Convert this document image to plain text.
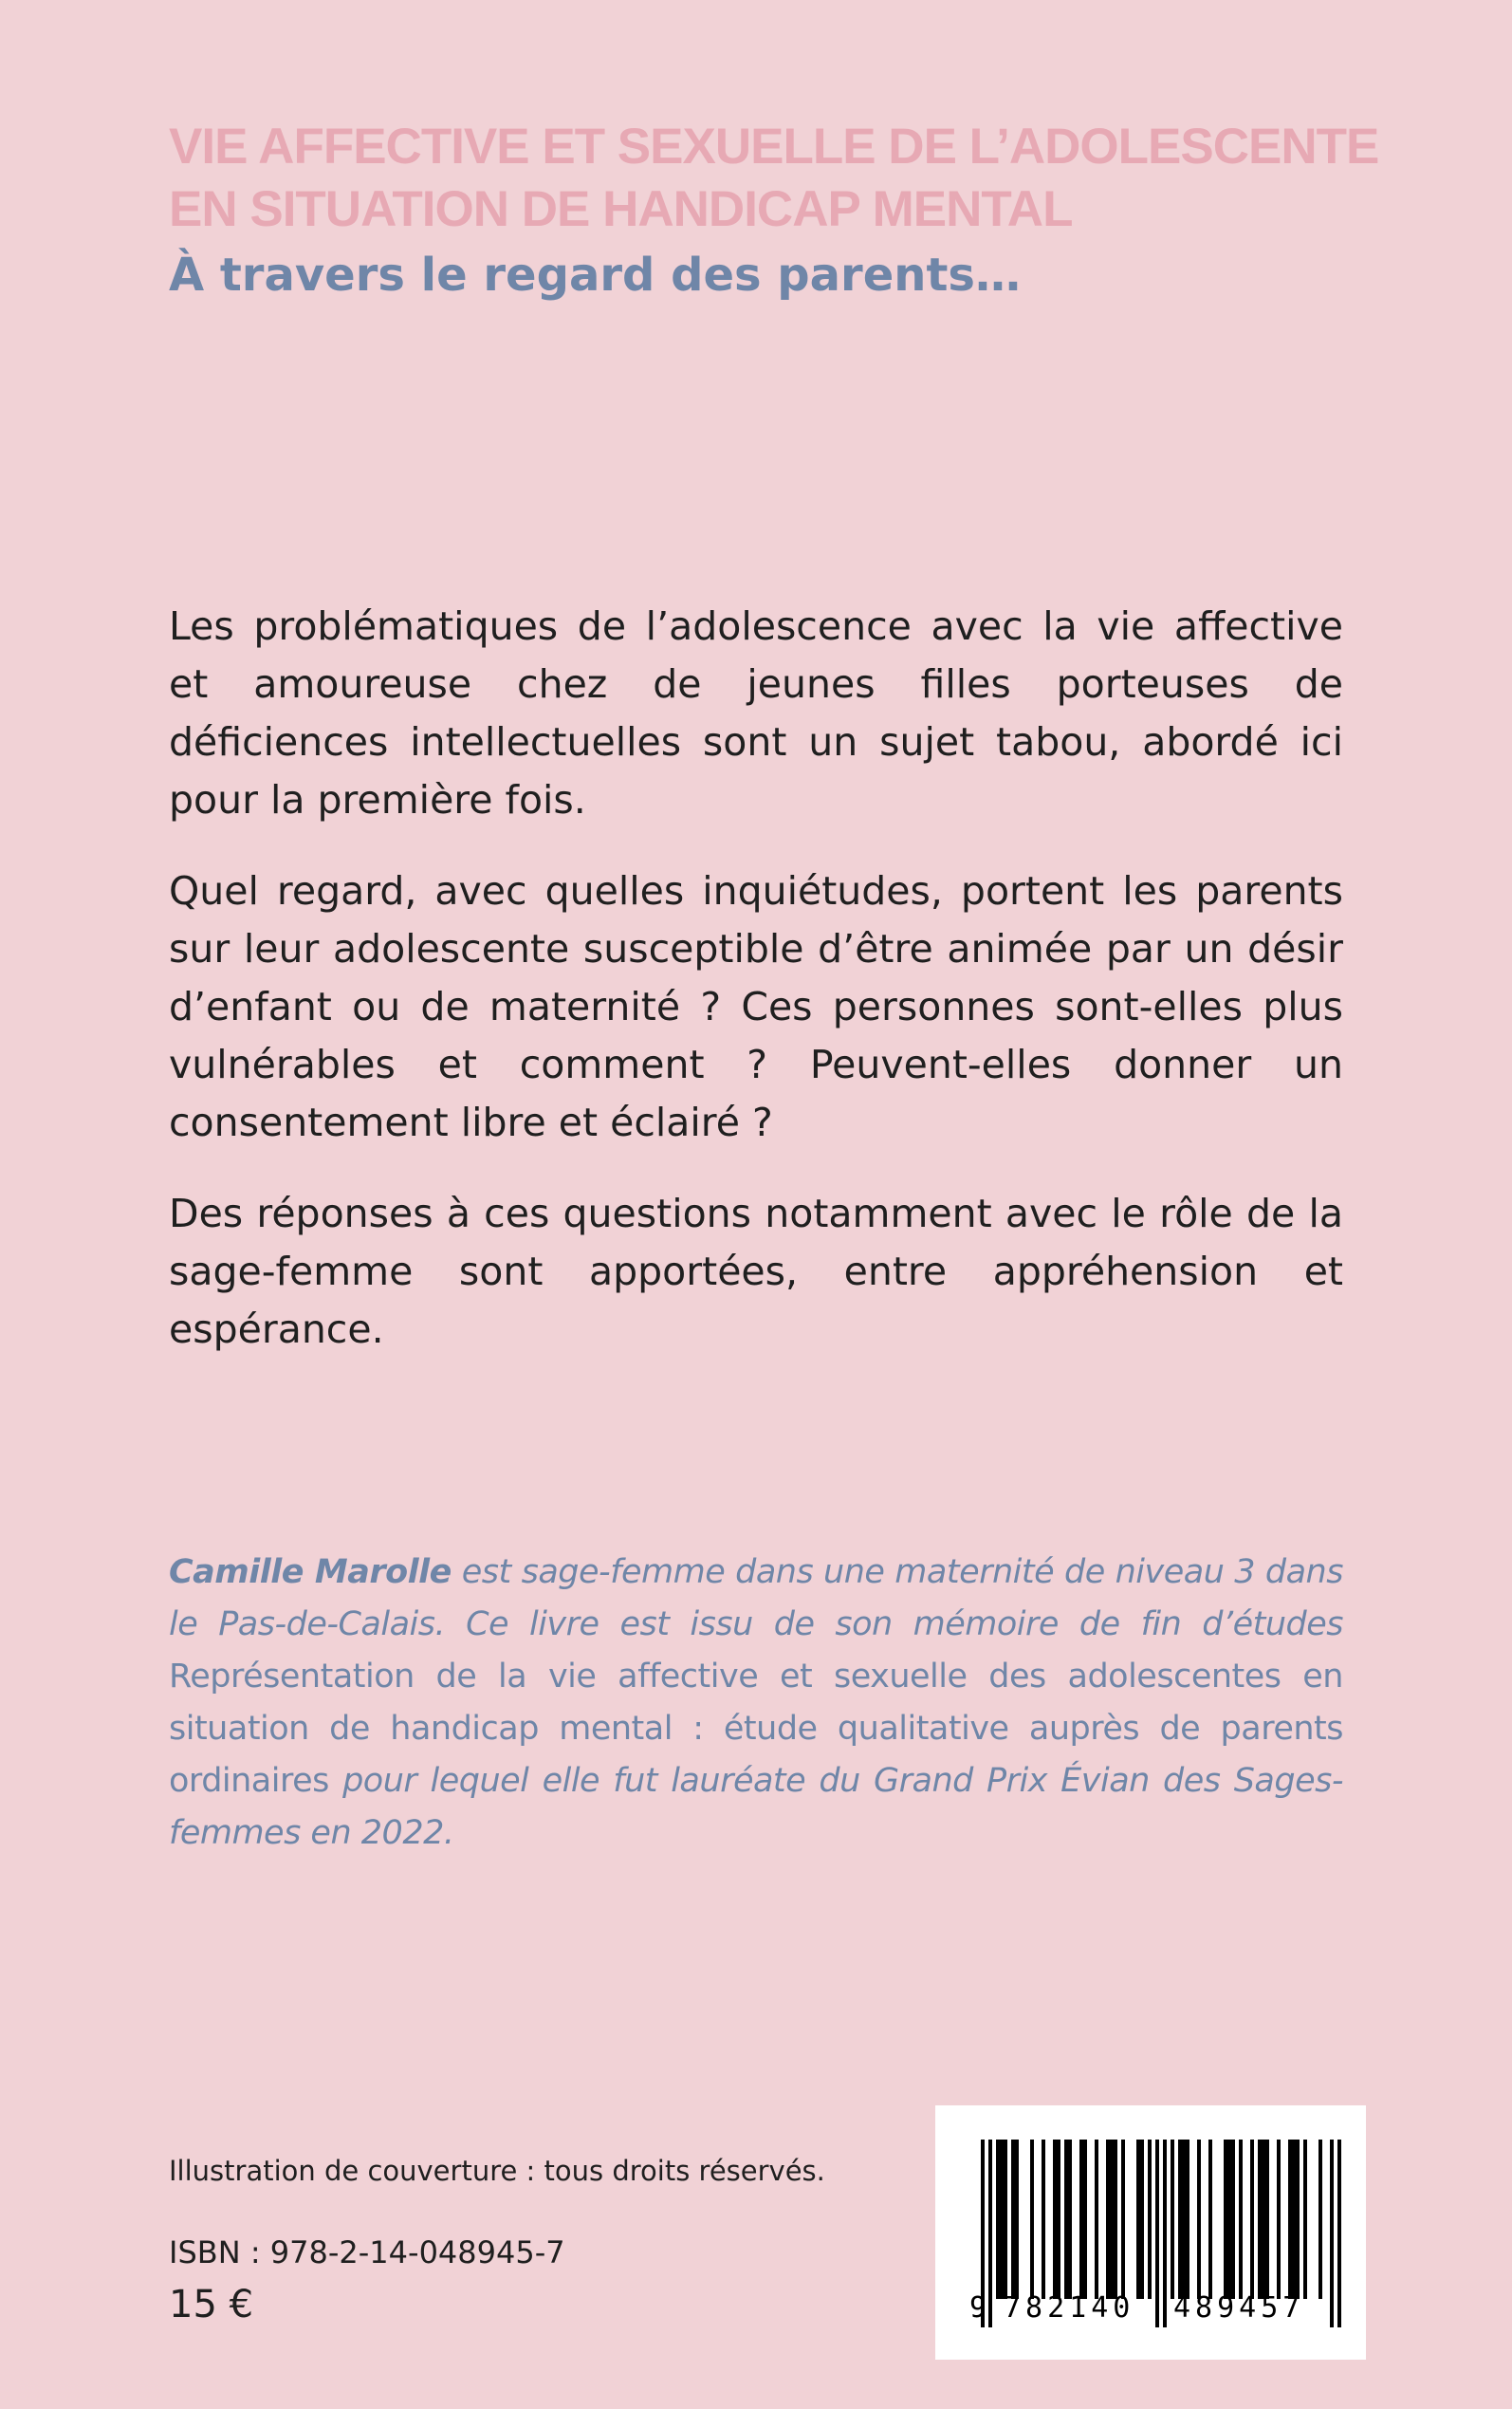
VIE AFFECTIVE ET SEXUELLE DE L’ADOLESCENTE
EN SITUATION DE HANDICAP MENTAL
À travers le regard des parents…

Les problématiques de l’adolescence avec la vie affective et amoureuse chez de jeunes filles porteuses de déficiences intellectuelles sont un sujet tabou, abordé ici pour la première fois.

Quel regard, avec quelles inquiétudes, portent les parents sur leur adolescente susceptible d’être animée par un désir d’enfant ou de maternité ? Ces personnes sont-elles plus vulnérables et comment ? Peuvent-elles donner un consentement libre et éclairé ?

Des réponses à ces questions notamment avec le rôle de la sage-femme sont apportées, entre appréhension et espérance.

Camille Marolle est sage-femme dans une maternité de niveau 3 dans le Pas-de-Calais. Ce livre est issu de son mémoire de fin d’études Représentation de la vie affective et sexuelle des adolescentes en situation de handicap mental : étude qualitative auprès de parents ordinaires pour lequel elle fut lauréate du Grand Prix Évian des Sages-femmes en 2022.
Illustration de couverture : tous droits réservés.
ISBN : 978-2-14-048945-7
15 €	9 782140 489457
